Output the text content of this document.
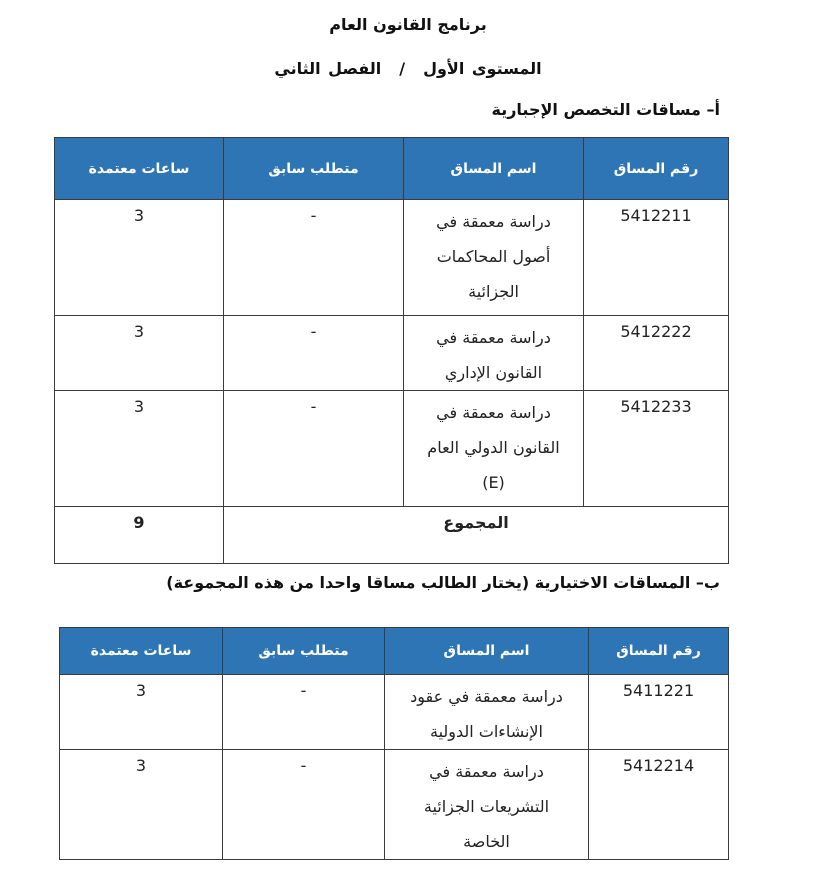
برنامج القانون العام
المستوى الأول/الفصل الثاني
أ– مساقات التخصص الإجبارية
رقم المساق	اسم المساق	متطلب سابق	ساعات معتمدة
5412211	دراسة معمقة في
أصول المحاكمات
الجزائية	-	3
5412222	دراسة معمقة في
القانون الإداري	-	3
5412233	دراسة معمقة في
القانون الدولي العام
(E)	-	3
المجموع			9
ب– المساقات الاختيارية (يختار الطالب مساقا واحدا من هذه المجموعة)
رقم المساق	اسم المساق	متطلب سابق	ساعات معتمدة
5411221	دراسة معمقة في عقود
الإنشاءات الدولية	-	3
5412214	دراسة معمقة في
التشريعات الجزائية
الخاصة	-	3
